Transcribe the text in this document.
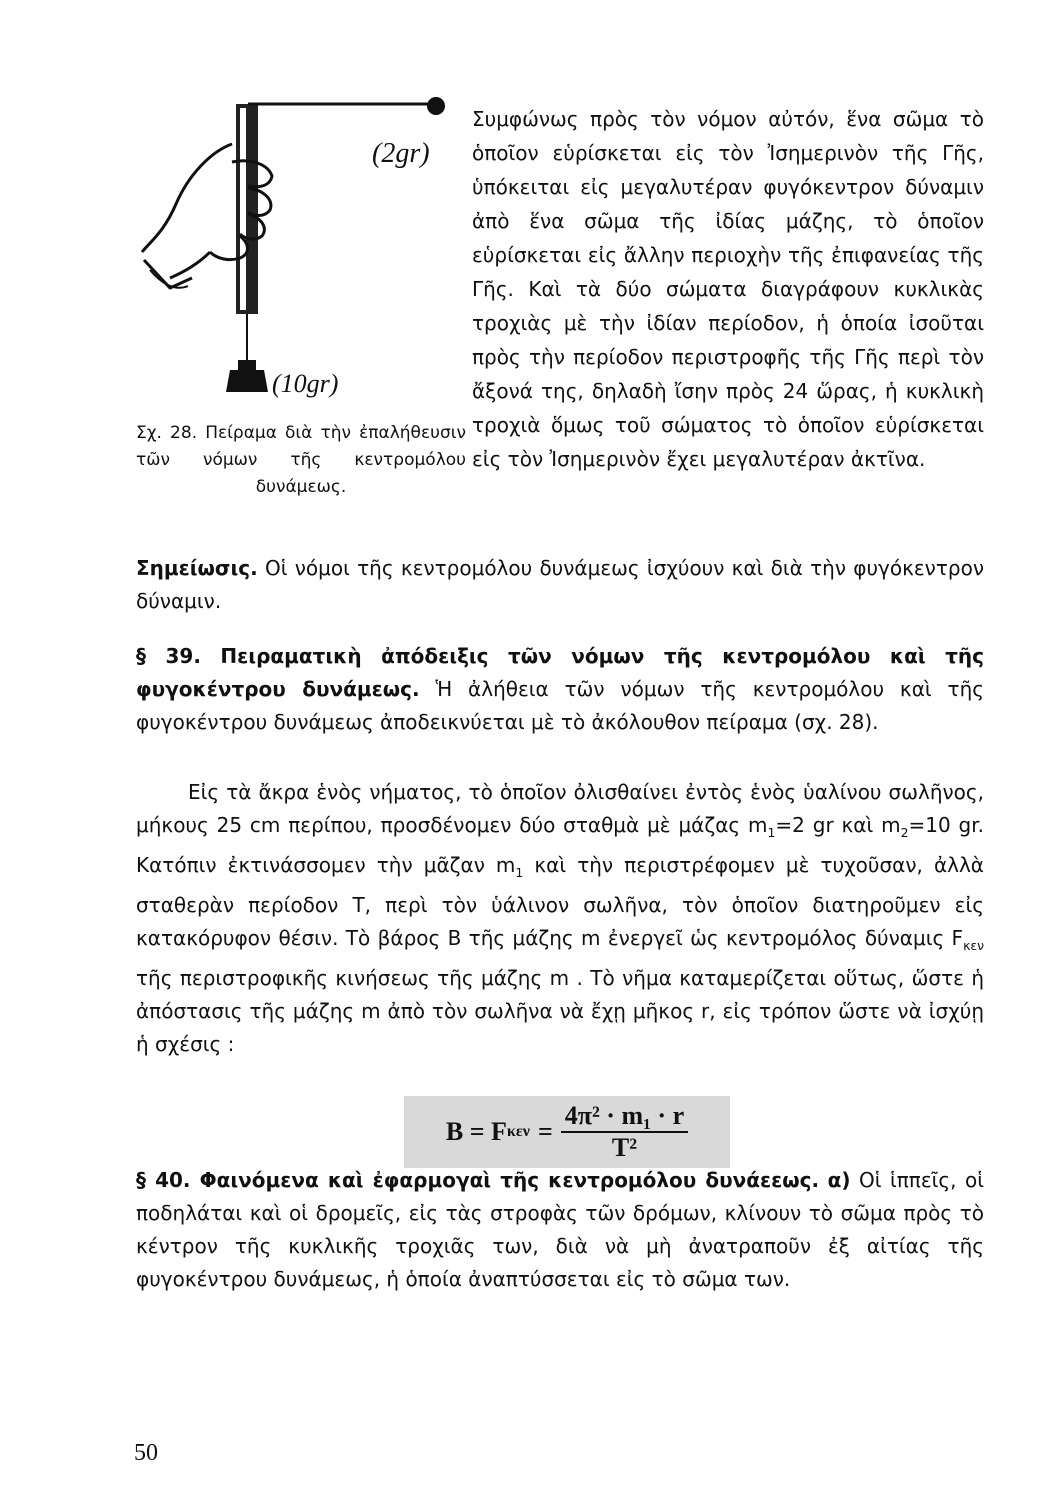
(2gr)
(10gr)
Σχ. 28. Πείραμα διὰ τὴν ἐπαλήθευσιν τῶν νόμων τῆς κεντρομόλου δυνάμεως.

Συμφώνως πρὸς τὸν νόμον αὐτόν, ἕνα σῶμα τὸ ὁποῖον εὑρίσκεται εἰς τὸν Ἰσημερινὸν τῆς Γῆς, ὑπόκειται εἰς μεγαλυτέραν φυγόκεντρον δύναμιν ἀπὸ ἕνα σῶμα τῆς ἰδίας μάζης, τὸ ὁποῖον εὑρίσκεται εἰς ἄλλην περιοχὴν τῆς ἐπιφανείας τῆς Γῆς. Καὶ τὰ δύο σώματα διαγράφουν κυκλικὰς τροχιὰς μὲ τὴν ἰδίαν περίοδον, ἡ ὁποία ἰσοῦται πρὸς τὴν περίοδον περιστροφῆς τῆς Γῆς περὶ τὸν ἄξονά της, δηλαδὴ ἴσην πρὸς 24 ὥρας, ἡ κυκλικὴ τροχιὰ ὅμως τοῦ σώματος τὸ ὁποῖον εὑρίσκεται εἰς τὸν Ἰσημερινὸν ἔχει μεγαλυτέραν ἀκτῖνα.

Σημείωσις. Οἱ νόμοι τῆς κεντρομόλου δυνάμεως ἰσχύουν καὶ διὰ τὴν φυγόκεντρον δύναμιν.

§ 39. Πειραματικὴ ἀπόδειξις τῶν νόμων τῆς κεντρομόλου καὶ τῆς φυγοκέντρου δυνάμεως. Ἡ ἀλήθεια τῶν νόμων τῆς κεντρομόλου καὶ τῆς φυγοκέντρου δυνάμεως ἀποδεικνύεται μὲ τὸ ἀκόλουθον πείραμα (σχ. 28).

Εἰς τὰ ἄκρα ἑνὸς νήματος, τὸ ὁποῖον ὀλισθαίνει ἐντὸς ἑνὸς ὑαλίνου σωλῆνος, μήκους 25 cm περίπου, προσδένομεν δύο σταθμὰ μὲ μάζας $m_1=2$ gr καὶ $m_2=10$ gr. Κατόπιν ἐκτινάσσομεν τὴν μᾶζαν $m_1$ καὶ τὴν περιστρέφομεν μὲ τυχοῦσαν, ἀλλὰ σταθερὰν περίοδον T, περὶ τὸν ὑάλινον σωλῆνα, τὸν ὁποῖον διατηροῦμεν εἰς κατακόρυφον θέσιν. Τὸ βάρος B τῆς μάζης m ἐνεργεῖ ὡς κεντρομόλος δύναμις $F_{\kappa\varepsilon\nu}$ τῆς περιστροφικῆς κινήσεως τῆς μάζης m . Τὸ νῆμα καταμερίζεται οὕτως, ὥστε ἡ ἀπόστασις τῆς μάζης m ἀπὸ τὸν σωλῆνα νὰ ἔχῃ μῆκος r, εἰς τρόπον ὥστε νὰ ἰσχύῃ ἡ σχέσις :

B = F $\kappa\varepsilon\nu = \frac{\text{4π² · m₁ · r}}{\text{T²}}$

§ 40. Φαινόμενα καὶ ἐφαρμογαὶ τῆς κεντρομόλου δυνάεεως. α) Οἱ ἱππεῖς, οἱ ποδηλάται καὶ οἱ δρομεῖς, εἰς τὰς στροφὰς τῶν δρόμων, κλίνουν τὸ σῶμα πρὸς τὸ κέντρον τῆς κυκλικῆς τροχιᾶς των, διὰ νὰ μὴ ἀνατραποῦν ἐξ αἰτίας τῆς φυγοκέντρου δυνάμεως, ἡ ὁποία ἀναπτύσσεται εἰς τὸ σῶμα των.

50
